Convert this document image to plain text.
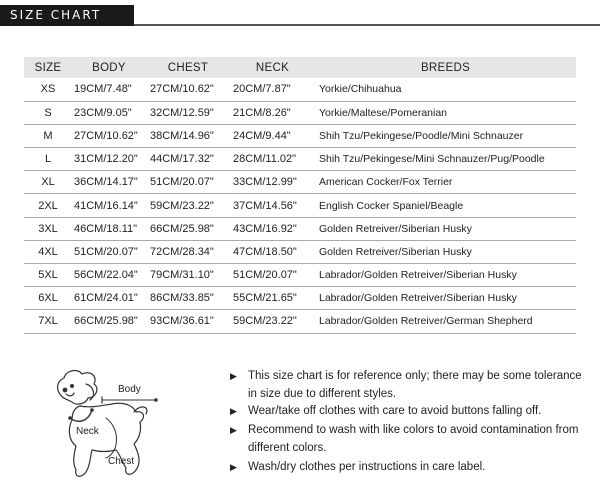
SIZE CHART
SIZE	BODY	CHEST	NECK	BREEDS
XS	19CM/7.48"	27CM/10.62"	20CM/7.87"	Yorkie/Chihuahua
S	23CM/9.05"	32CM/12.59"	21CM/8.26"	Yorkie/Maltese/Pomeranian
M	27CM/10.62"	38CM/14.96"	24CM/9.44"	Shih Tzu/Pekingese/Poodle/Mini Schnauzer
L	31CM/12.20"	44CM/17.32"	28CM/11.02"	Shih Tzu/Pekingese/Mini Schnauzer/Pug/Poodle
XL	36CM/14.17"	51CM/20.07"	33CM/12.99"	American Cocker/Fox Terrier
2XL	41CM/16.14"	59CM/23.22"	37CM/14.56"	English Cocker Spaniel/Beagle
3XL	46CM/18.11"	66CM/25.98"	43CM/16.92"	Golden Retreiver/Siberian Husky
4XL	51CM/20.07"	72CM/28.34"	47CM/18.50"	Golden Retreiver/Siberian Husky
5XL	56CM/22.04"	79CM/31.10"	51CM/20.07"	Labrador/Golden Retreiver/Siberian Husky
6XL	61CM/24.01"	86CM/33.85"	55CM/21.65"	Labrador/Golden Retreiver/Siberian Husky
7XL	66CM/25.98"	93CM/36.61"	59CM/23.22"	Labrador/Golden Retreiver/German Shepherd
Body
Neck
Chest
▶ This size chart is for reference only; there may be some tolerance in size due to different styles.
▶ Wear/take off clothes with care to avoid buttons falling off.
▶ Recommend to wash with like colors to avoid contamination from different colors.
▶ Wash/dry clothes per instructions in care label.
